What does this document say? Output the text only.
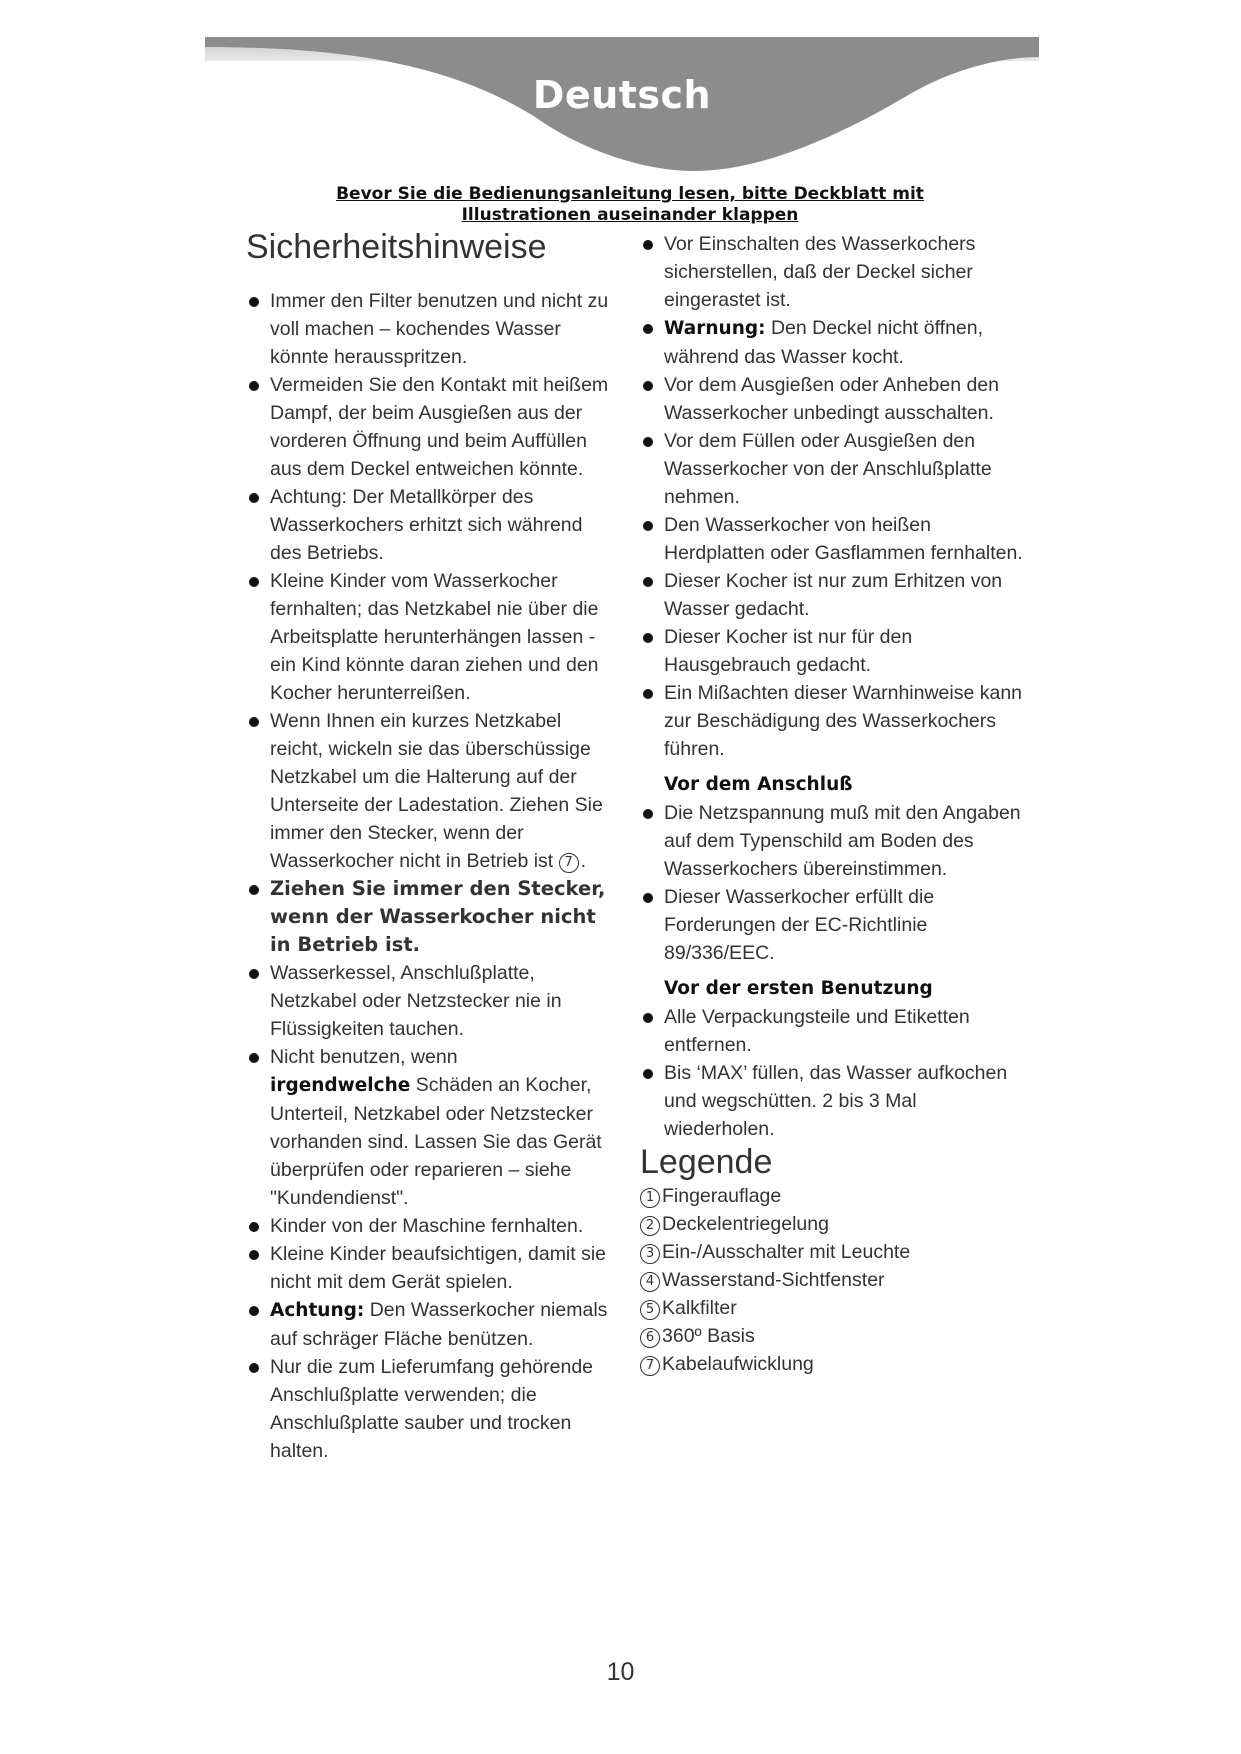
Deutsch
Bevor Sie die Bedienungsanleitung lesen, bitte Deckblatt mit
Illustrationen auseinander klappen
Sicherheitshinweise
Immer den Filter benutzen und nicht zu voll machen – kochendes Wasser könnte herausspritzen.
Vermeiden Sie den Kontakt mit heißem Dampf, der beim Ausgießen aus der vorderen Öffnung und beim Auffüllen aus dem Deckel entweichen könnte.
Achtung: Der Metallkörper des Wasserkochers erhitzt sich während des Betriebs.
Kleine Kinder vom Wasserkocher fernhalten; das Netzkabel nie über die Arbeitsplatte herunterhängen lassen - ein Kind könnte daran ziehen und den Kocher herunterreißen.
Wenn Ihnen ein kurzes Netzkabel reicht, wickeln sie das überschüssige Netzkabel um die Halterung auf der Unterseite der Ladestation. Ziehen Sie immer den Stecker, wenn der Wasserkocher nicht in Betrieb ist 7 .
Ziehen Sie immer den Stecker, wenn der Wasserkocher nicht in Betrieb ist.
Wasserkessel, Anschlußplatte, Netzkabel oder Netzstecker nie in Flüssigkeiten tauchen.
Nicht benutzen, wenn
irgendwelche Schäden an Kocher, Unterteil, Netzkabel oder Netzstecker vorhanden sind. Lassen Sie das Gerät überprüfen oder reparieren – siehe "Kundendienst".
Kinder von der Maschine fernhalten.
Kleine Kinder beaufsichtigen, damit sie nicht mit dem Gerät spielen.
Achtung: Den Wasserkocher niemals auf schräger Fläche benützen.
Nur die zum Lieferumfang gehörende Anschlußplatte verwenden; die Anschlußplatte sauber und trocken halten.
Vor Einschalten des Wasserkochers sicherstellen, daß der Deckel sicher eingerastet ist.
Warnung: Den Deckel nicht öffnen, während das Wasser kocht.
Vor dem Ausgießen oder Anheben den Wasserkocher unbedingt ausschalten.
Vor dem Füllen oder Ausgießen den Wasserkocher von der Anschlußplatte nehmen.
Den Wasserkocher von heißen Herdplatten oder Gasflammen fernhalten.
Dieser Kocher ist nur zum Erhitzen von Wasser gedacht.
Dieser Kocher ist nur für den Hausgebrauch gedacht.
Ein Mißachten dieser Warnhinweise kann zur Beschädigung des Wasserkochers führen.
Vor dem Anschluß
Die Netzspannung muß mit den Angaben auf dem Typenschild am Boden des Wasserkochers übereinstimmen.
Dieser Wasserkocher erfüllt die Forderungen der EC-Richtlinie 89/336/EEC.
Vor der ersten Benutzung
Alle Verpackungsteile und Etiketten entfernen.
Bis ‘MAX’ füllen, das Wasser aufkochen und wegschütten. 2 bis 3 Mal wiederholen.
Legende
1 Fingerauflage
2 Deckelentriegelung
3 Ein-/Ausschalter mit Leuchte
4 Wasserstand-Sichtfenster
5 Kalkfilter
6 360º Basis
7 Kabelaufwicklung
10
